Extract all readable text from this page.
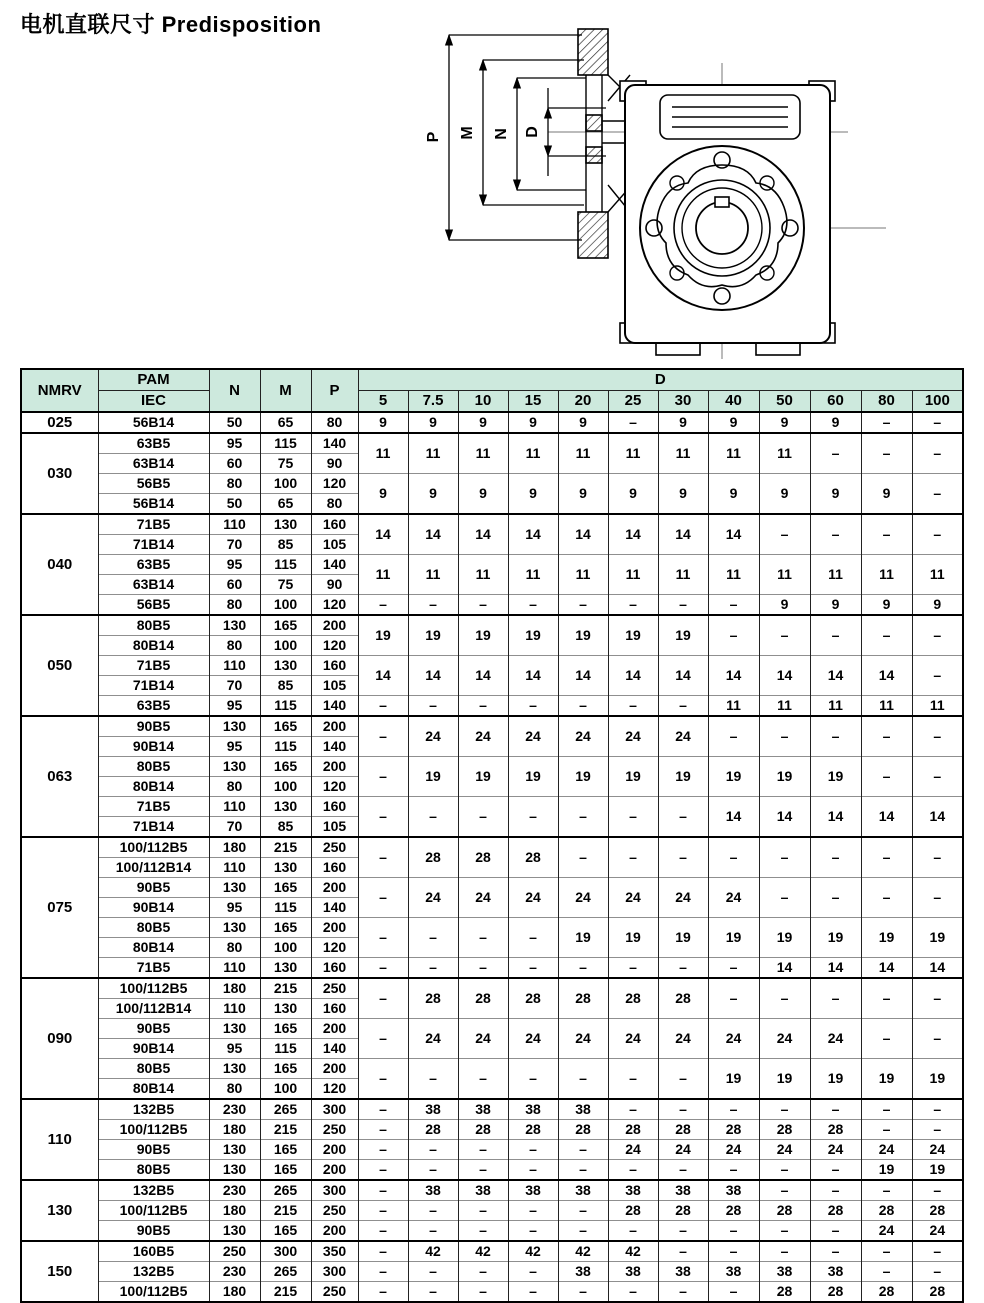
电机直联尺寸 Predisposition
P M N D
NMRV	PAM	N	M	P	D											
	IEC				5	7.5	10	15	20	25	30	40	50	60	80	100
025	56B14	50	65	80	9	9	9	9	9	–	9	9	9	9	–	–
030	63B5	95	115	140	11	11	11	11	11	11	11	11	11	–	–	–
	63B14	60	75	90												
	56B5	80	100	120	9	9	9	9	9	9	9	9	9	9	9	–
	56B14	50	65	80												
040	71B5	110	130	160	14	14	14	14	14	14	14	14	–	–	–	–
	71B14	70	85	105												
	63B5	95	115	140	11	11	11	11	11	11	11	11	11	11	11	11
	63B14	60	75	90												
	56B5	80	100	120	–	–	–	–	–	–	–	–	9	9	9	9
050	80B5	130	165	200	19	19	19	19	19	19	19	–	–	–	–	–
	80B14	80	100	120												
	71B5	110	130	160	14	14	14	14	14	14	14	14	14	14	14	–
	71B14	70	85	105												
	63B5	95	115	140	–	–	–	–	–	–	–	11	11	11	11	11
063	90B5	130	165	200	–	24	24	24	24	24	24	–	–	–	–	–
	90B14	95	115	140												
	80B5	130	165	200	–	19	19	19	19	19	19	19	19	19	–	–
	80B14	80	100	120												
	71B5	110	130	160	–	–	–	–	–	–	–	14	14	14	14	14
	71B14	70	85	105												
075	100/112B5	180	215	250	–	28	28	28	–	–	–	–	–	–	–	–
	100/112B14	110	130	160												
	90B5	130	165	200	–	24	24	24	24	24	24	24	–	–	–	–
	90B14	95	115	140												
	80B5	130	165	200	–	–	–	–	19	19	19	19	19	19	19	19
	80B14	80	100	120												
	71B5	110	130	160	–	–	–	–	–	–	–	–	14	14	14	14
090	100/112B5	180	215	250	–	28	28	28	28	28	28	–	–	–	–	–
	100/112B14	110	130	160												
	90B5	130	165	200	–	24	24	24	24	24	24	24	24	24	–	–
	90B14	95	115	140												
	80B5	130	165	200	–	–	–	–	–	–	–	19	19	19	19	19
	80B14	80	100	120												
110	132B5	230	265	300	–	38	38	38	38	–	–	–	–	–	–	–
	100/112B5	180	215	250	–	28	28	28	28	28	28	28	28	28	–	–
	90B5	130	165	200	–	–	–	–	–	24	24	24	24	24	24	24
	80B5	130	165	200	–	–	–	–	–	–	–	–	–	–	19	19
130	132B5	230	265	300	–	38	38	38	38	38	38	38	–	–	–	–
	100/112B5	180	215	250	–	–	–	–	–	28	28	28	28	28	28	28
	90B5	130	165	200	–	–	–	–	–	–	–	–	–	–	24	24
150	160B5	250	300	350	–	42	42	42	42	42	–	–	–	–	–	–
	132B5	230	265	300	–	–	–	–	38	38	38	38	38	38	–	–
	100/112B5	180	215	250	–	–	–	–	–	–	–	–	28	28	28	28
